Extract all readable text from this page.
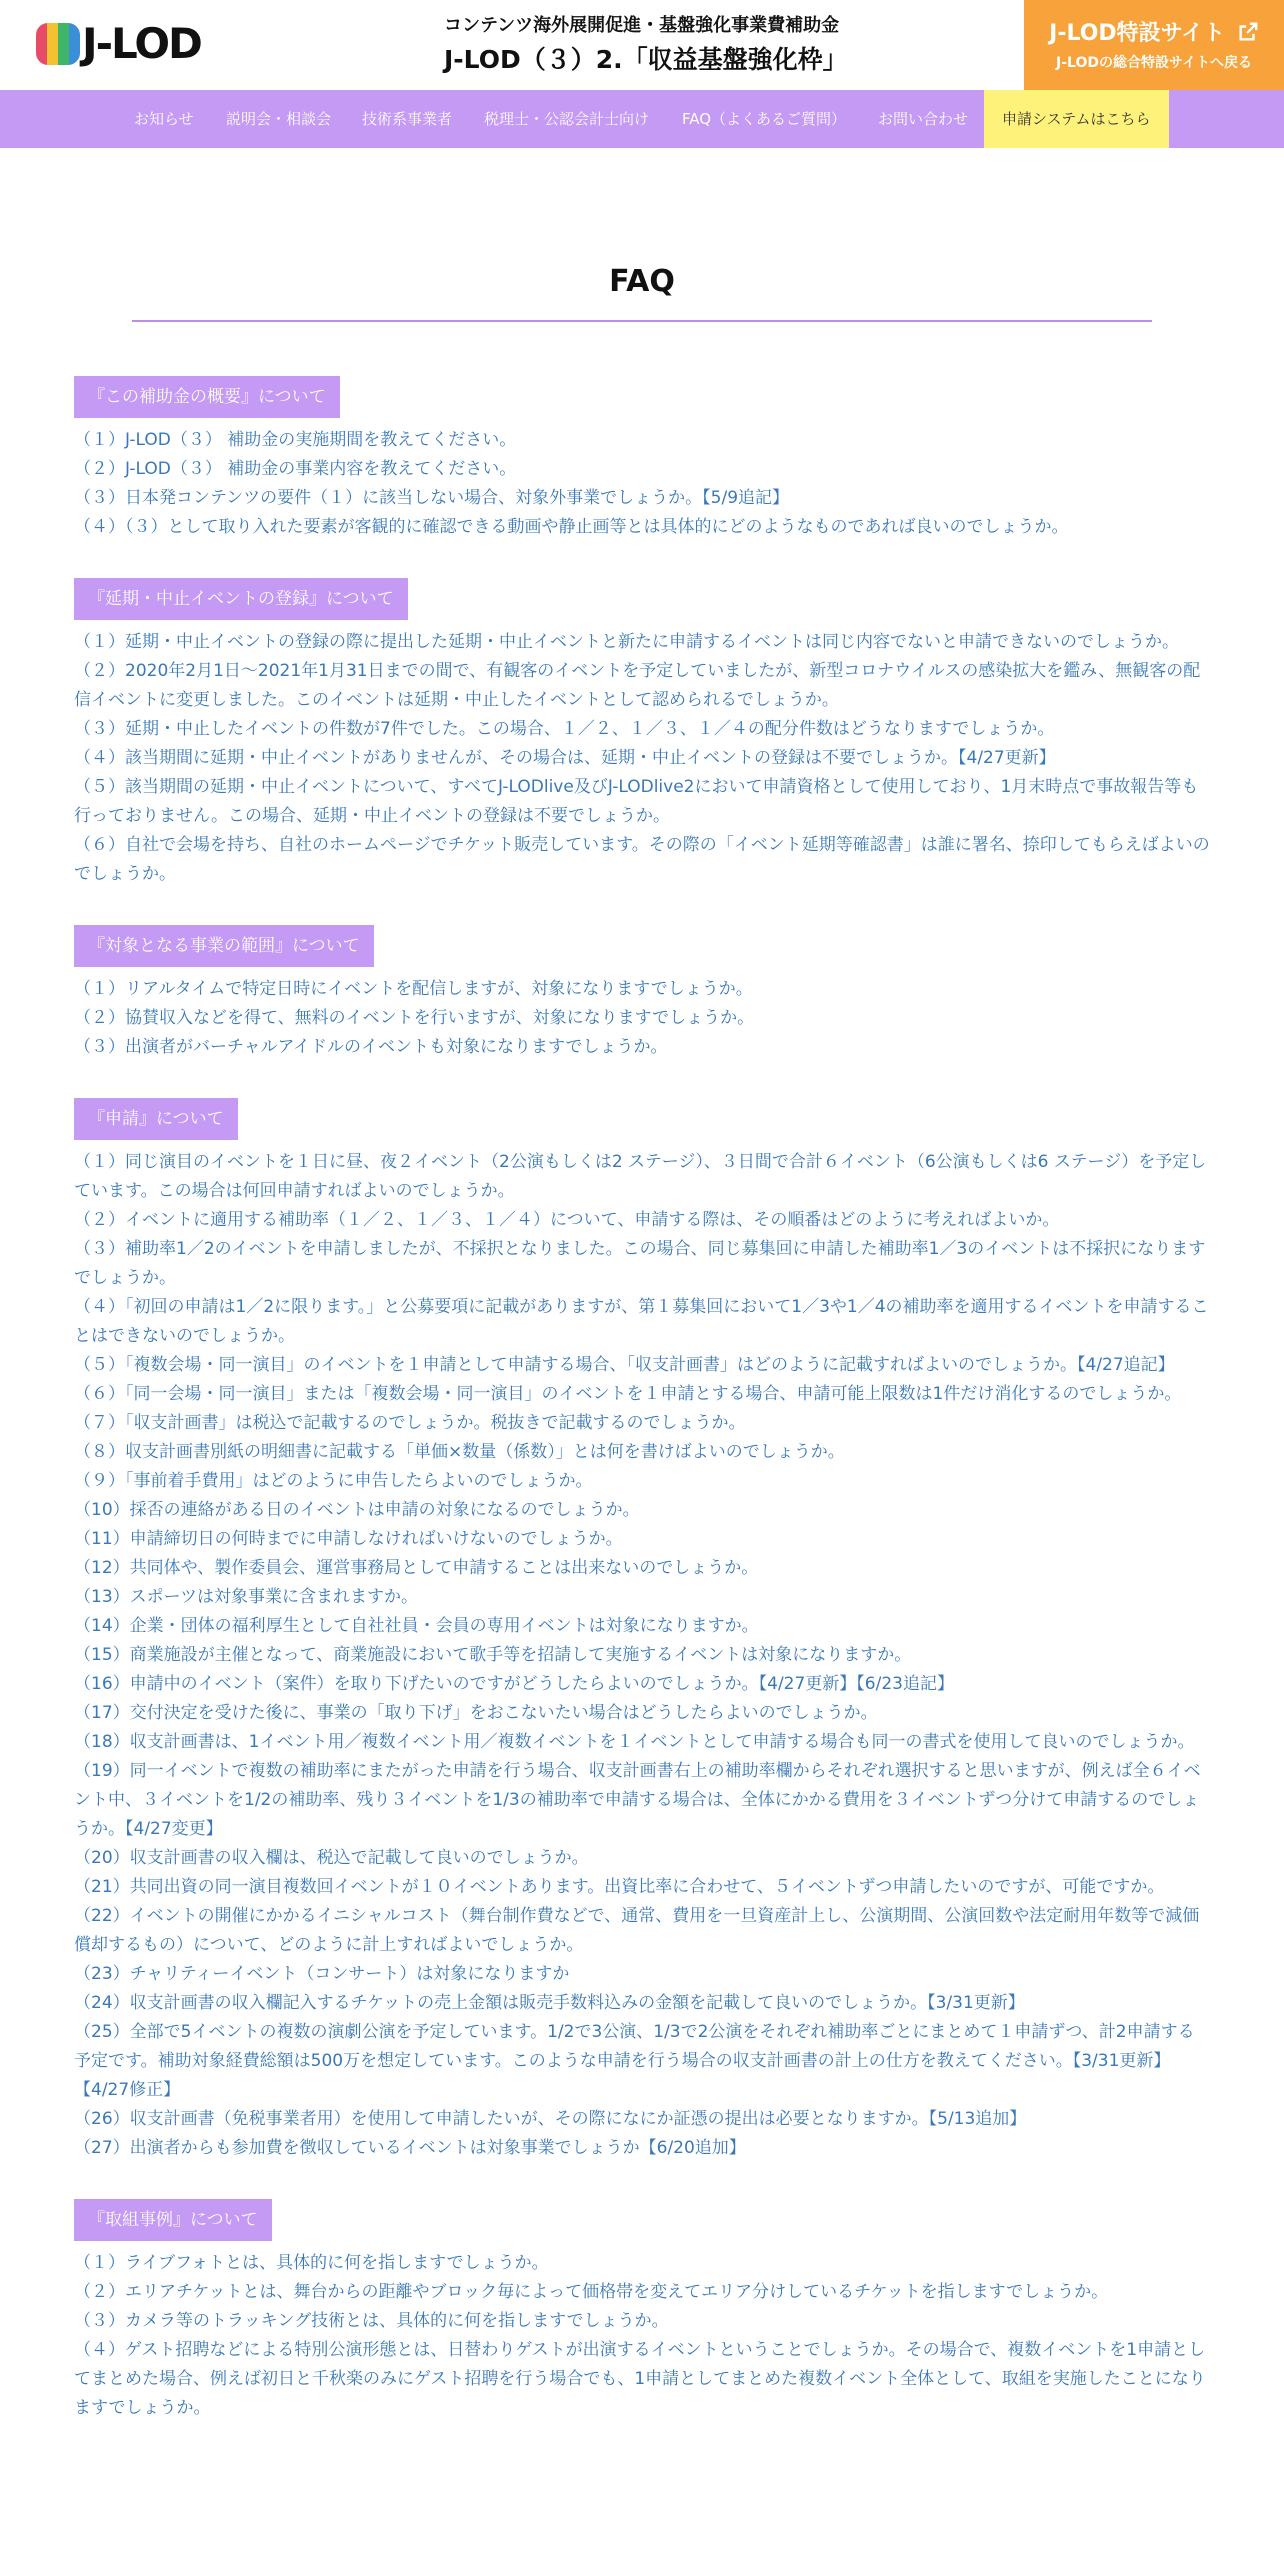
J-LOD	コンテンツ海外展開促進・基盤強化事業費補助金
J-LOD（３）2.「収益基盤強化枠」
J-LOD特設サイト
J-LODの総合特設サイトへ戻る
お知らせ 説明会・相談会 技術系事業者 税理士・公認会計士向け FAQ（よくあるご質問） お問い合わせ	申請システムはこちら
FAQ
『この補助金の概要』について
（１）J-LOD（３） 補助金の実施期間を教えてください。
（２）J-LOD（３） 補助金の事業内容を教えてください。
（３）日本発コンテンツの要件（１）に該当しない場合、対象外事業でしょうか。【5/9追記】
（４）（３）として取り入れた要素が客観的に確認できる動画や静止画等とは具体的にどのようなものであれば良いのでしょうか。
『延期・中止イベントの登録』について
（１）延期・中止イベントの登録の際に提出した延期・中止イベントと新たに申請するイベントは同じ内容でないと申請できないのでしょうか。
（２）2020年2月1日〜2021年1月31日までの間で、有観客のイベントを予定していましたが、新型コロナウイルスの感染拡大を鑑み、無観客の配信イベントに変更しました。このイベントは延期・中止したイベントとして認められるでしょうか。
（３）延期・中止したイベントの件数が7件でした。この場合、１／２、１／３、１／４の配分件数はどうなりますでしょうか。
（４）該当期間に延期・中止イベントがありませんが、その場合は、延期・中止イベントの登録は不要でしょうか。【4/27更新】
（５）該当期間の延期・中止イベントについて、すべてJ-LODlive及びJ-LODlive2において申請資格として使用しており、1月末時点で事故報告等も行っておりません。この場合、延期・中止イベントの登録は不要でしょうか。
（６）自社で会場を持ち、自社のホームページでチケット販売しています。その際の「イベント延期等確認書」は誰に署名、捺印してもらえばよいのでしょうか。
『対象となる事業の範囲』について
（１）リアルタイムで特定日時にイベントを配信しますが、対象になりますでしょうか。
（２）協賛収入などを得て、無料のイベントを行いますが、対象になりますでしょうか。
（３）出演者がバーチャルアイドルのイベントも対象になりますでしょうか。
『申請』について
（１）同じ演目のイベントを１日に昼、夜２イベント（2公演もしくは2 ステージ）、３日間で合計６イベント（6公演もしくは6 ステージ）を予定しています。この場合は何回申請すればよいのでしょうか。
（２）イベントに適用する補助率（１／２、１／３、１／４）について、申請する際は、その順番はどのように考えればよいか。
（３）補助率1／2のイベントを申請しましたが、不採択となりました。この場合、同じ募集回に申請した補助率1／3のイベントは不採択になりますでしょうか。
（４）「初回の申請は1／2に限ります。」と公募要項に記載がありますが、第１募集回において1／3や1／4の補助率を適用するイベントを申請することはできないのでしょうか。
（５）「複数会場・同一演目」のイベントを１申請として申請する場合、「収支計画書」はどのように記載すればよいのでしょうか。【4/27追記】
（６）「同一会場・同一演目」または「複数会場・同一演目」のイベントを１申請とする場合、申請可能上限数は1件だけ消化するのでしょうか。
（７）「収支計画書」は税込で記載するのでしょうか。税抜きで記載するのでしょうか。
（８）収支計画書別紙の明細書に記載する「単価×数量（係数）」とは何を書けばよいのでしょうか。
（９）「事前着手費用」はどのように申告したらよいのでしょうか。
（10）採否の連絡がある日のイベントは申請の対象になるのでしょうか。
（11）申請締切日の何時までに申請しなければいけないのでしょうか。
（12）共同体や、製作委員会、運営事務局として申請することは出来ないのでしょうか。
（13）スポーツは対象事業に含まれますか。
（14）企業・団体の福利厚生として自社社員・会員の専用イベントは対象になりますか。
（15）商業施設が主催となって、商業施設において歌手等を招請して実施するイベントは対象になりますか。
（16）申請中のイベント（案件）を取り下げたいのですがどうしたらよいのでしょうか。【4/27更新】【6/23追記】
（17）交付決定を受けた後に、事業の「取り下げ」をおこないたい場合はどうしたらよいのでしょうか。
（18）収支計画書は、1イベント用／複数イベント用／複数イベントを１イベントとして申請する場合も同一の書式を使用して良いのでしょうか。
（19）同一イベントで複数の補助率にまたがった申請を行う場合、収支計画書右上の補助率欄からそれぞれ選択すると思いますが、例えば全６イベント中、３イベントを1/2の補助率、残り３イベントを1/3の補助率で申請する場合は、全体にかかる費用を３イベントずつ分けて申請するのでしょうか。【4/27変更】
（20）収支計画書の収入欄は、税込で記載して良いのでしょうか。
（21）共同出資の同一演目複数回イベントが１０イベントあります。出資比率に合わせて、５イベントずつ申請したいのですが、可能ですか。
（22）イベントの開催にかかるイニシャルコスト（舞台制作費などで、通常、費用を一旦資産計上し、公演期間、公演回数や法定耐用年数等で減価償却するもの）について、どのように計上すればよいでしょうか。
（23）チャリティーイベント（コンサート）は対象になりますか
（24）収支計画書の収入欄記入するチケットの売上金額は販売手数料込みの金額を記載して良いのでしょうか。【3/31更新】
（25）全部で5イベントの複数の演劇公演を予定しています。1/2で3公演、1/3で2公演をそれぞれ補助率ごとにまとめて１申請ずつ、計2申請する予定です。補助対象経費総額は500万を想定しています。このような申請を行う場合の収支計画書の計上の仕方を教えてください。【3/31更新】【4/27修正】
（26）収支計画書（免税事業者用）を使用して申請したいが、その際になにか証憑の提出は必要となりますか。【5/13追加】
（27）出演者からも参加費を徴収しているイベントは対象事業でしょうか【6/20追加】
『取組事例』について
（１）ライブフォトとは、具体的に何を指しますでしょうか。
（２）エリアチケットとは、舞台からの距離やブロック毎によって価格帯を変えてエリア分けしているチケットを指しますでしょうか。
（３）カメラ等のトラッキング技術とは、具体的に何を指しますでしょうか。
（４）ゲスト招聘などによる特別公演形態とは、日替わりゲストが出演するイベントということでしょうか。その場合で、複数イベントを1申請としてまとめた場合、例えば初日と千秋楽のみにゲスト招聘を行う場合でも、1申請としてまとめた複数イベント全体として、取組を実施したことになりますでしょうか。
